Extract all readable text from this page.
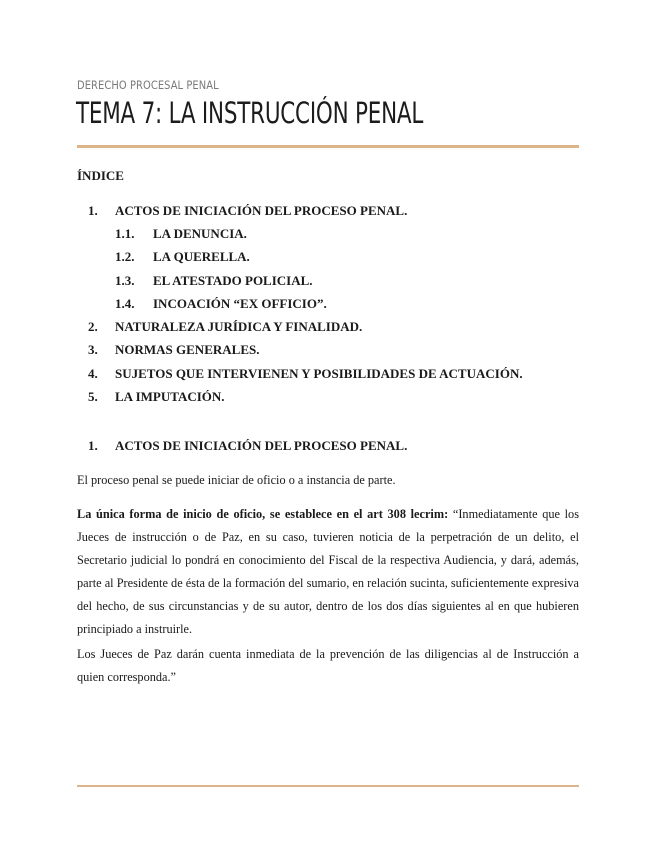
DERECHO PROCESAL PENAL
TEMA 7: LA INSTRUCCIÓN PENAL
ÍNDICE
1. ACTOS DE INICIACIÓN DEL PROCESO PENAL.
1.1. LA DENUNCIA.
1.2. LA QUERELLA.
1.3. EL ATESTADO POLICIAL.
1.4. INCOACIÓN “EX OFFICIO”.
2. NATURALEZA JURÍDICA Y FINALIDAD.
3. NORMAS GENERALES.
4. SUJETOS QUE INTERVIENEN Y POSIBILIDADES DE ACTUACIÓN.
5. LA IMPUTACIÓN.
1. ACTOS DE INICIACIÓN DEL PROCESO PENAL.
El proceso penal se puede iniciar de oficio o a instancia de parte.
La única forma de inicio de oficio, se establece en el art 308 lecrim: “Inmediatamente que los Jueces de instrucción o de Paz, en su caso, tuvieren noticia de la perpetración de un delito, el Secretario judicial lo pondrá en conocimiento del Fiscal de la respectiva Audiencia, y dará, además, parte al Presidente de ésta de la formación del sumario, en relación sucinta, suficientemente expresiva del hecho, de sus circunstancias y de su autor, dentro de los dos días siguientes al en que hubieren principiado a instruirle.
Los Jueces de Paz darán cuenta inmediata de la prevención de las diligencias al de Instrucción a quien corresponda.”
